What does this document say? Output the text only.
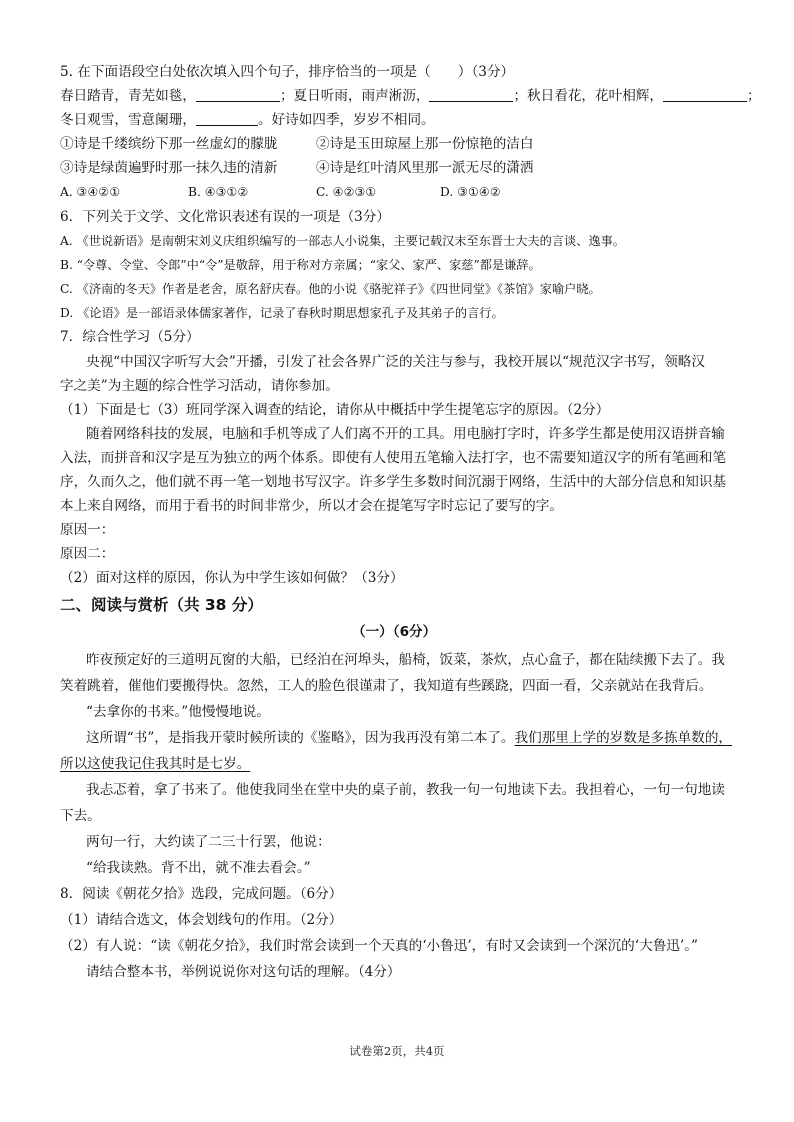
5. 在下面语段空白处依次填入四个句子，排序恰当的一项是（　　）（3分）
春日踏青，青芜如毯，	；夏日听雨，雨声淅沥，	；秋日看花，花叶相辉，	；
冬日观雪，雪意阑珊，	。好诗如四季，岁岁不相同。
①诗是千缕缤纷下那一丝虚幻的朦胧	②诗是玉田琼屋上那一份惊艳的洁白
③诗是绿茵遍野时那一抹久违的清新	④诗是红叶清风里那一派无尽的潇洒
A. ③④②①	B. ④③①②	C. ④②③①	D. ③①④②
6．下列关于文学、文化常识表述有误的一项是（3分）
A. 《世说新语》是南朝宋刘义庆组织编写的一部志人小说集，主要记载汉末至东晋士大夫的言谈、逸事。
B. “令尊、令堂、令郎”中“令”是敬辞，用于称对方亲属；“家父、家严、家慈”都是谦辞。
C. 《济南的冬天》作者是老舍，原名舒庆春。他的小说《骆驼祥子》《四世同堂》《茶馆》家喻户晓。
D. 《论语》是一部语录体儒家著作，记录了春秋时期思想家孔子及其弟子的言行。
7．综合性学习（5分）
央视“中国汉字听写大会”开播，引发了社会各界广泛的关注与参与，我校开展以“规范汉字书写，领略汉
字之美”为主题的综合性学习活动，请你参加。
（1）下面是七（3）班同学深入调查的结论，请你从中概括中学生提笔忘字的原因。（2分）
随着网络科技的发展，电脑和手机等成了人们离不开的工具。用电脑打字时，许多学生都是使用汉语拼音输
入法，而拼音和汉字是互为独立的两个体系。即使有人使用五笔输入法打字，也不需要知道汉字的所有笔画和笔
序，久而久之，他们就不再一笔一划地书写汉字。许多学生多数时间沉溺于网络，生活中的大部分信息和知识基
本上来自网络，而用于看书的时间非常少，所以才会在提笔写字时忘记了要写的字。
原因一：
原因二：
（2）面对这样的原因，你认为中学生该如何做？（3分）
二、阅读与赏析（共 38 分）
（一）（6分）
昨夜预定好的三道明瓦窗的大船，已经泊在河埠头，船椅，饭菜，茶炊，点心盒子，都在陆续搬下去了。我
笑着跳着，催他们要搬得快。忽然，工人的脸色很谨肃了，我知道有些蹊跷，四面一看，父亲就站在我背后。
“去拿你的书来。”他慢慢地说。
这所谓“书”，是指我开蒙时候所读的《鉴略》，因为我再没有第二本了。我们那里上学的岁数是多拣单数的，
所以这使我记住我其时是七岁。
我忐忑着，拿了书来了。他使我同坐在堂中央的桌子前，教我一句一句地读下去。我担着心，一句一句地读
下去。
两句一行，大约读了二三十行罢，他说：
“给我读熟。背不出，就不准去看会。”
8．阅读《朝花夕拾》选段，完成问题。（6分）
（1）请结合选文，体会划线句的作用。（2分）
（2）有人说：“读《朝花夕拾》，我们时常会读到一个天真的‘小鲁迅’，有时又会读到一个深沉的‘大鲁迅’。”
请结合整本书，举例说说你对这句话的理解。（4分）
试卷第2页，共4页
